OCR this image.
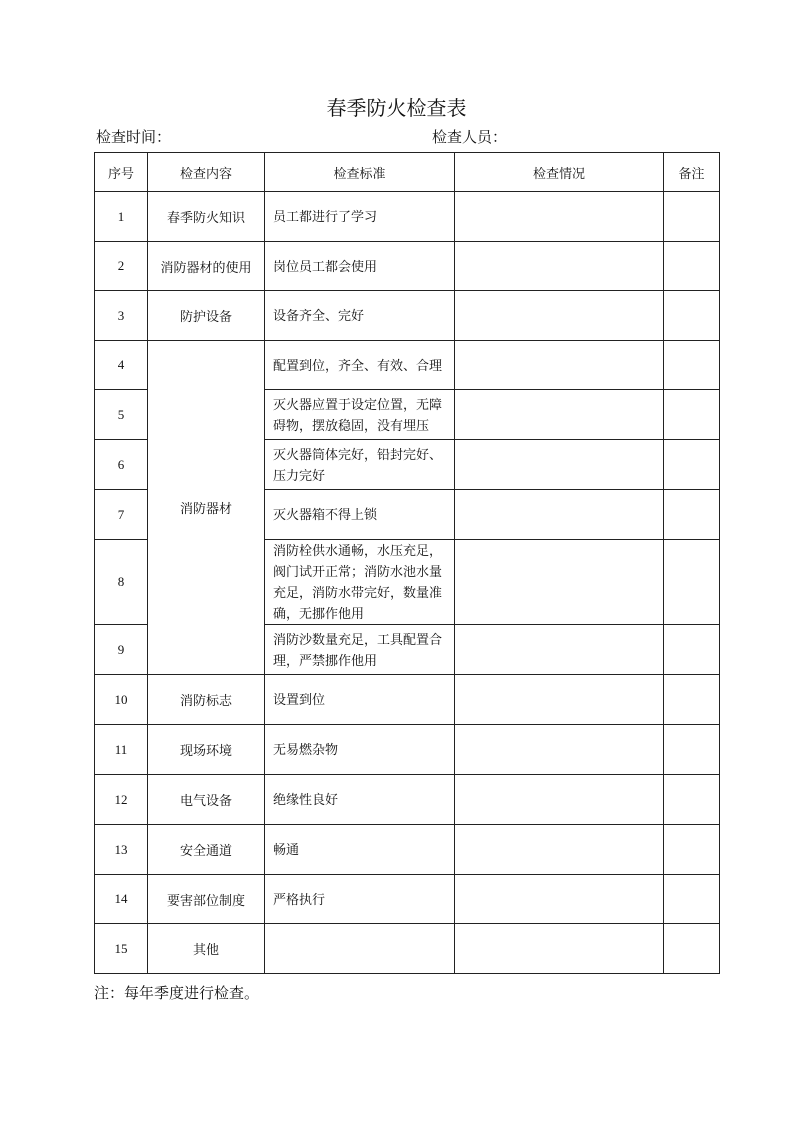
春季防火检查表
检查时间：	检查人员：
序号	检查内容	检查标准	检查情况	备注
1	春季防火知识	员工都进行了学习		
2	消防器材的使用	岗位员工都会使用		
3	防护设备	设备齐全、完好		
4	消防器材	配置到位，齐全、有效、合理		
5		灭火器应置于设定位置，无障碍物，摆放稳固，没有埋压		
6		灭火器筒体完好，铅封完好、压力完好		
7		灭火器箱不得上锁		
8		消防栓供水通畅，水压充足，阀门试开正常；消防水池水量充足，消防水带完好，数量准确，无挪作他用		
9		消防沙数量充足，工具配置合理，严禁挪作他用		
10	消防标志	设置到位		
11	现场环境	无易燃杂物		
12	电气设备	绝缘性良好		
13	安全通道	畅通		
14	要害部位制度	严格执行		
15	其他			
注：每年季度进行检查。
